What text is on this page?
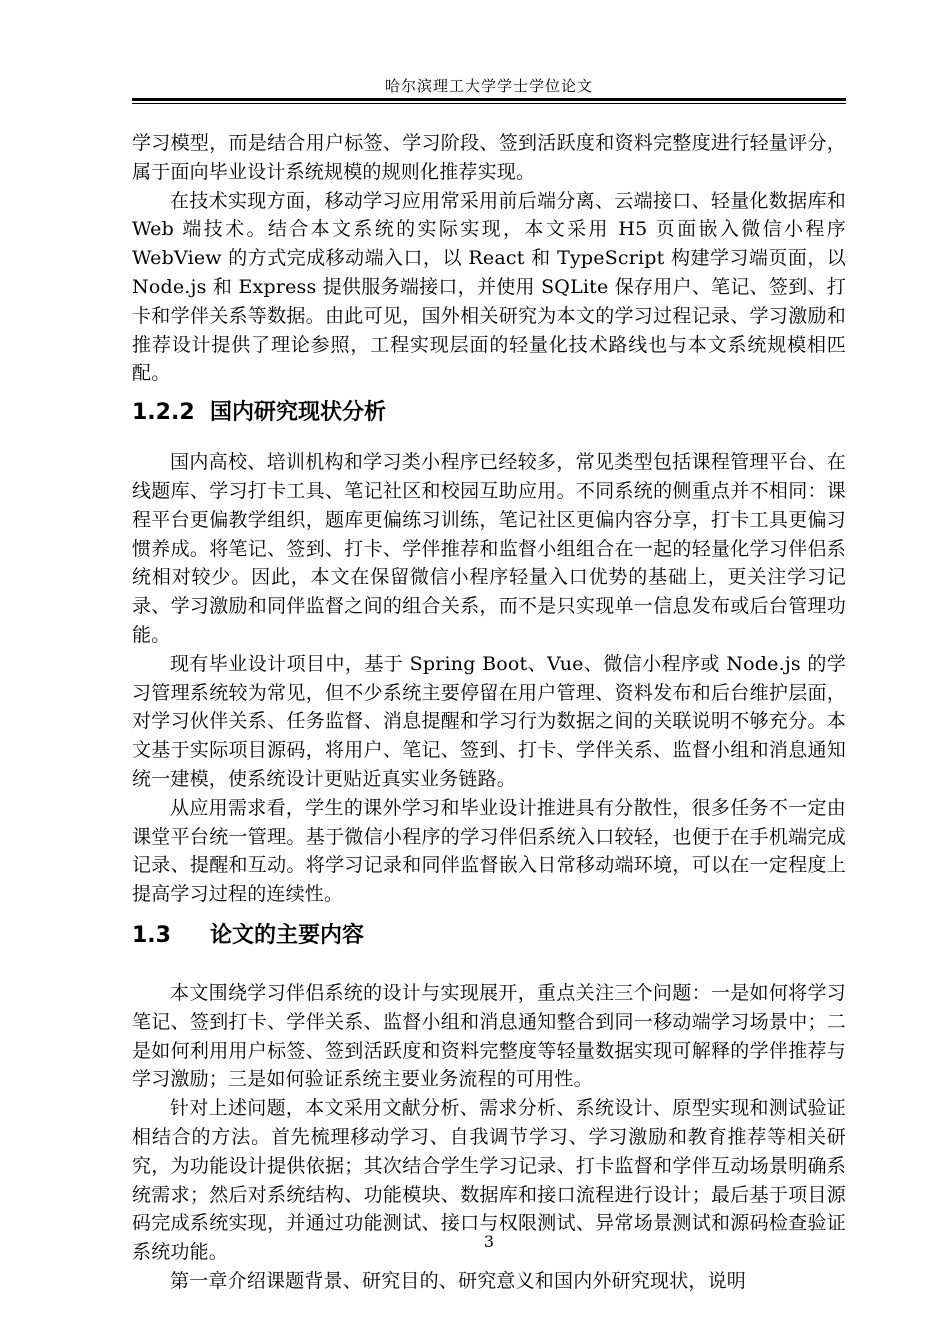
哈尔滨理工大学学士学位论文

学习模型，而是结合用户标签、学习阶段、签到活跃度和资料完整度进行轻量评分，属于面向毕业设计系统规模的规则化推荐实现。

在技术实现方面，移动学习应用常采用前后端分离、云端接口、轻量化数据库和 Web 端技术。结合本文系统的实际实现，本文采用 H5 页面嵌入微信小程序 WebView 的方式完成移动端入口，以 React 和 TypeScript 构建学习端页面，以 Node.js 和 Express 提供服务端接口，并使用 SQLite 保存用户、笔记、签到、打卡和学伴关系等数据。由此可见，国外相关研究为本文的学习过程记录、学习激励和推荐设计提供了理论参照，工程实现层面的轻量化技术路线也与本文系统规模相匹配。

1.2.2 国内研究现状分析

国内高校、培训机构和学习类小程序已经较多，常见类型包括课程管理平台、在线题库、学习打卡工具、笔记社区和校园互助应用。不同系统的侧重点并不相同：课程平台更偏教学组织，题库更偏练习训练，笔记社区更偏内容分享，打卡工具更偏习惯养成。将笔记、签到、打卡、学伴推荐和监督小组组合在一起的轻量化学习伴侣系统相对较少。因此，本文在保留微信小程序轻量入口优势的基础上，更关注学习记录、学习激励和同伴监督之间的组合关系，而不是只实现单一信息发布或后台管理功能。

现有毕业设计项目中，基于 Spring Boot、Vue、微信小程序或 Node.js 的学习管理系统较为常见，但不少系统主要停留在用户管理、资料发布和后台维护层面，对学习伙伴关系、任务监督、消息提醒和学习行为数据之间的关联说明不够充分。本文基于实际项目源码，将用户、笔记、签到、打卡、学伴关系、监督小组和消息通知统一建模，使系统设计更贴近真实业务链路。

从应用需求看，学生的课外学习和毕业设计推进具有分散性，很多任务不一定由课堂平台统一管理。基于微信小程序的学习伴侣系统入口较轻，也便于在手机端完成记录、提醒和互动。将学习记录和同伴监督嵌入日常移动端环境，可以在一定程度上提高学习过程的连续性。

1.3 论文的主要内容

本文围绕学习伴侣系统的设计与实现展开，重点关注三个问题：一是如何将学习笔记、签到打卡、学伴关系、监督小组和消息通知整合到同一移动端学习场景中；二是如何利用用户标签、签到活跃度和资料完整度等轻量数据实现可解释的学伴推荐与学习激励；三是如何验证系统主要业务流程的可用性。

针对上述问题，本文采用文献分析、需求分析、系统设计、原型实现和测试验证相结合的方法。首先梳理移动学习、自我调节学习、学习激励和教育推荐等相关研究，为功能设计提供依据；其次结合学生学习记录、打卡监督和学伴互动场景明确系统需求；然后对系统结构、功能模块、数据库和接口流程进行设计；最后基于项目源码完成系统实现，并通过功能测试、接口与权限测试、异常场景测试和源码检查验证系统功能。

第一章介绍课题背景、研究目的、研究意义和国内外研究现状，说明

3
